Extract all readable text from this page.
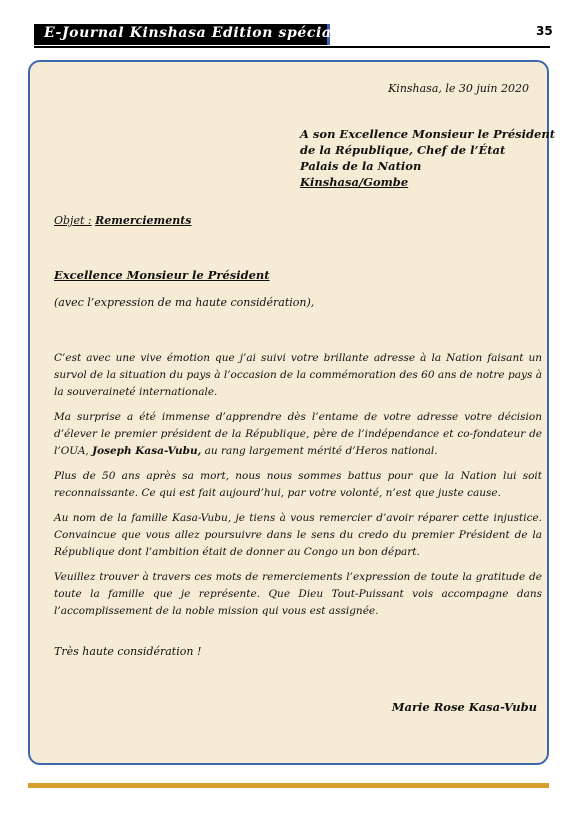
E-Journal Kinshasa Edition spéciale	35
Kinshasa, le 30 juin 2020
A son Excellence Monsieur le Président
de la République, Chef de l’État
Palais de la Nation
Kinshasa/Gombe
Objet : Remerciements
Excellence Monsieur le Président
(avec l’expression de ma haute considération),

C’est avec une vive émotion que j’ai suivi votre brillante adresse à la Nation faisant un survol de la situation du pays à l’occasion de la commémoration des 60 ans de notre pays à la souveraineté internationale.

Ma surprise a été immense d’apprendre dès l’entame de votre adresse votre décision d’élever le premier président de la République, père de l’indépendance et co-fondateur de l’OUA, Joseph Kasa-Vubu, au rang largement mérité d’Heros national.

Plus de 50 ans après sa mort, nous nous sommes battus pour que la Nation lui soit reconnaissante. Ce qui est fait aujourd’hui, par votre volonté, n’est que juste cause.

Au nom de la famille Kasa-Vubu, je tiens à vous remercier d’avoir réparer cette injustice. Convaincue que vous allez poursuivre dans le sens du credo du premier Président de la République dont l’ambition était de donner au Congo un bon départ.

Veuillez trouver à travers ces mots de remerciements l’expression de toute la gratitude de toute la famille que je représente. Que Dieu Tout-Puissant vois accompagne dans l’accomplissement de la noble mission qui vous est assignée.

Très haute considération !
Marie Rose Kasa-Vubu
